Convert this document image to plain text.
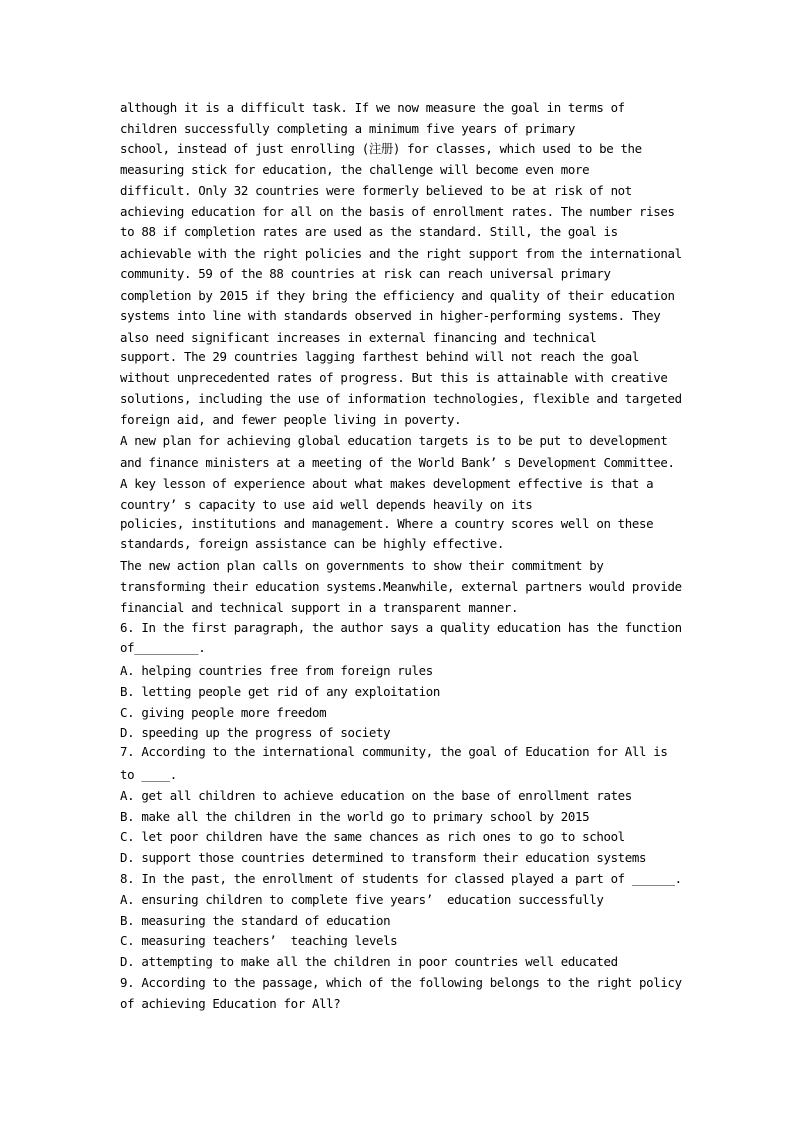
although it is a difficult task. If we now measure the goal in terms of
children successfully completing a minimum five years of primary
school, instead of just enrolling (注册) for classes, which used to be the
measuring stick for education, the challenge will become even more
difficult. Only 32 countries were formerly believed to be at risk of not
achieving education for all on the basis of enrollment rates. The number rises
to 88 if completion rates are used as the standard. Still, the goal is
achievable with the right policies and the right support from the international
community. 59 of the 88 countries at risk can reach universal primary
completion by 2015 if they bring the efficiency and quality of their education
systems into line with standards observed in higher-performing systems. They
also need significant increases in external financing and technical
support. The 29 countries lagging farthest behind will not reach the goal
without unprecedented rates of progress. But this is attainable with creative
solutions, including the use of information technologies, flexible and targeted
foreign aid, and fewer people living in poverty.
A new plan for achieving global education targets is to be put to development
and finance ministers at a meeting of the World Bank’ s Development Committee.
A key lesson of experience about what makes development effective is that a
country’ s capacity to use aid well depends heavily on its
policies, institutions and management. Where a country scores well on these
standards, foreign assistance can be highly effective.
The new action plan calls on governments to show their commitment by
transforming their education systems.Meanwhile, external partners would provide
financial and technical support in a transparent manner.
6. In the first paragraph, the author says a quality education has the function
of_________.
A. helping countries free from foreign rules
B. letting people get rid of any exploitation
C. giving people more freedom
D. speeding up the progress of society
7. According to the international community, the goal of Education for All is
to ____.
A. get all children to achieve education on the base of enrollment rates
B. make all the children in the world go to primary school by 2015
C. let poor children have the same chances as rich ones to go to school
D. support those countries determined to transform their education systems
8. In the past, the enrollment of students for classed played a part of ______.
A. ensuring children to complete five years’  education successfully
B. measuring the standard of education
C. measuring teachers’  teaching levels
D. attempting to make all the children in poor countries well educated
9. According to the passage, which of the following belongs to the right policy
of achieving Education for All?
